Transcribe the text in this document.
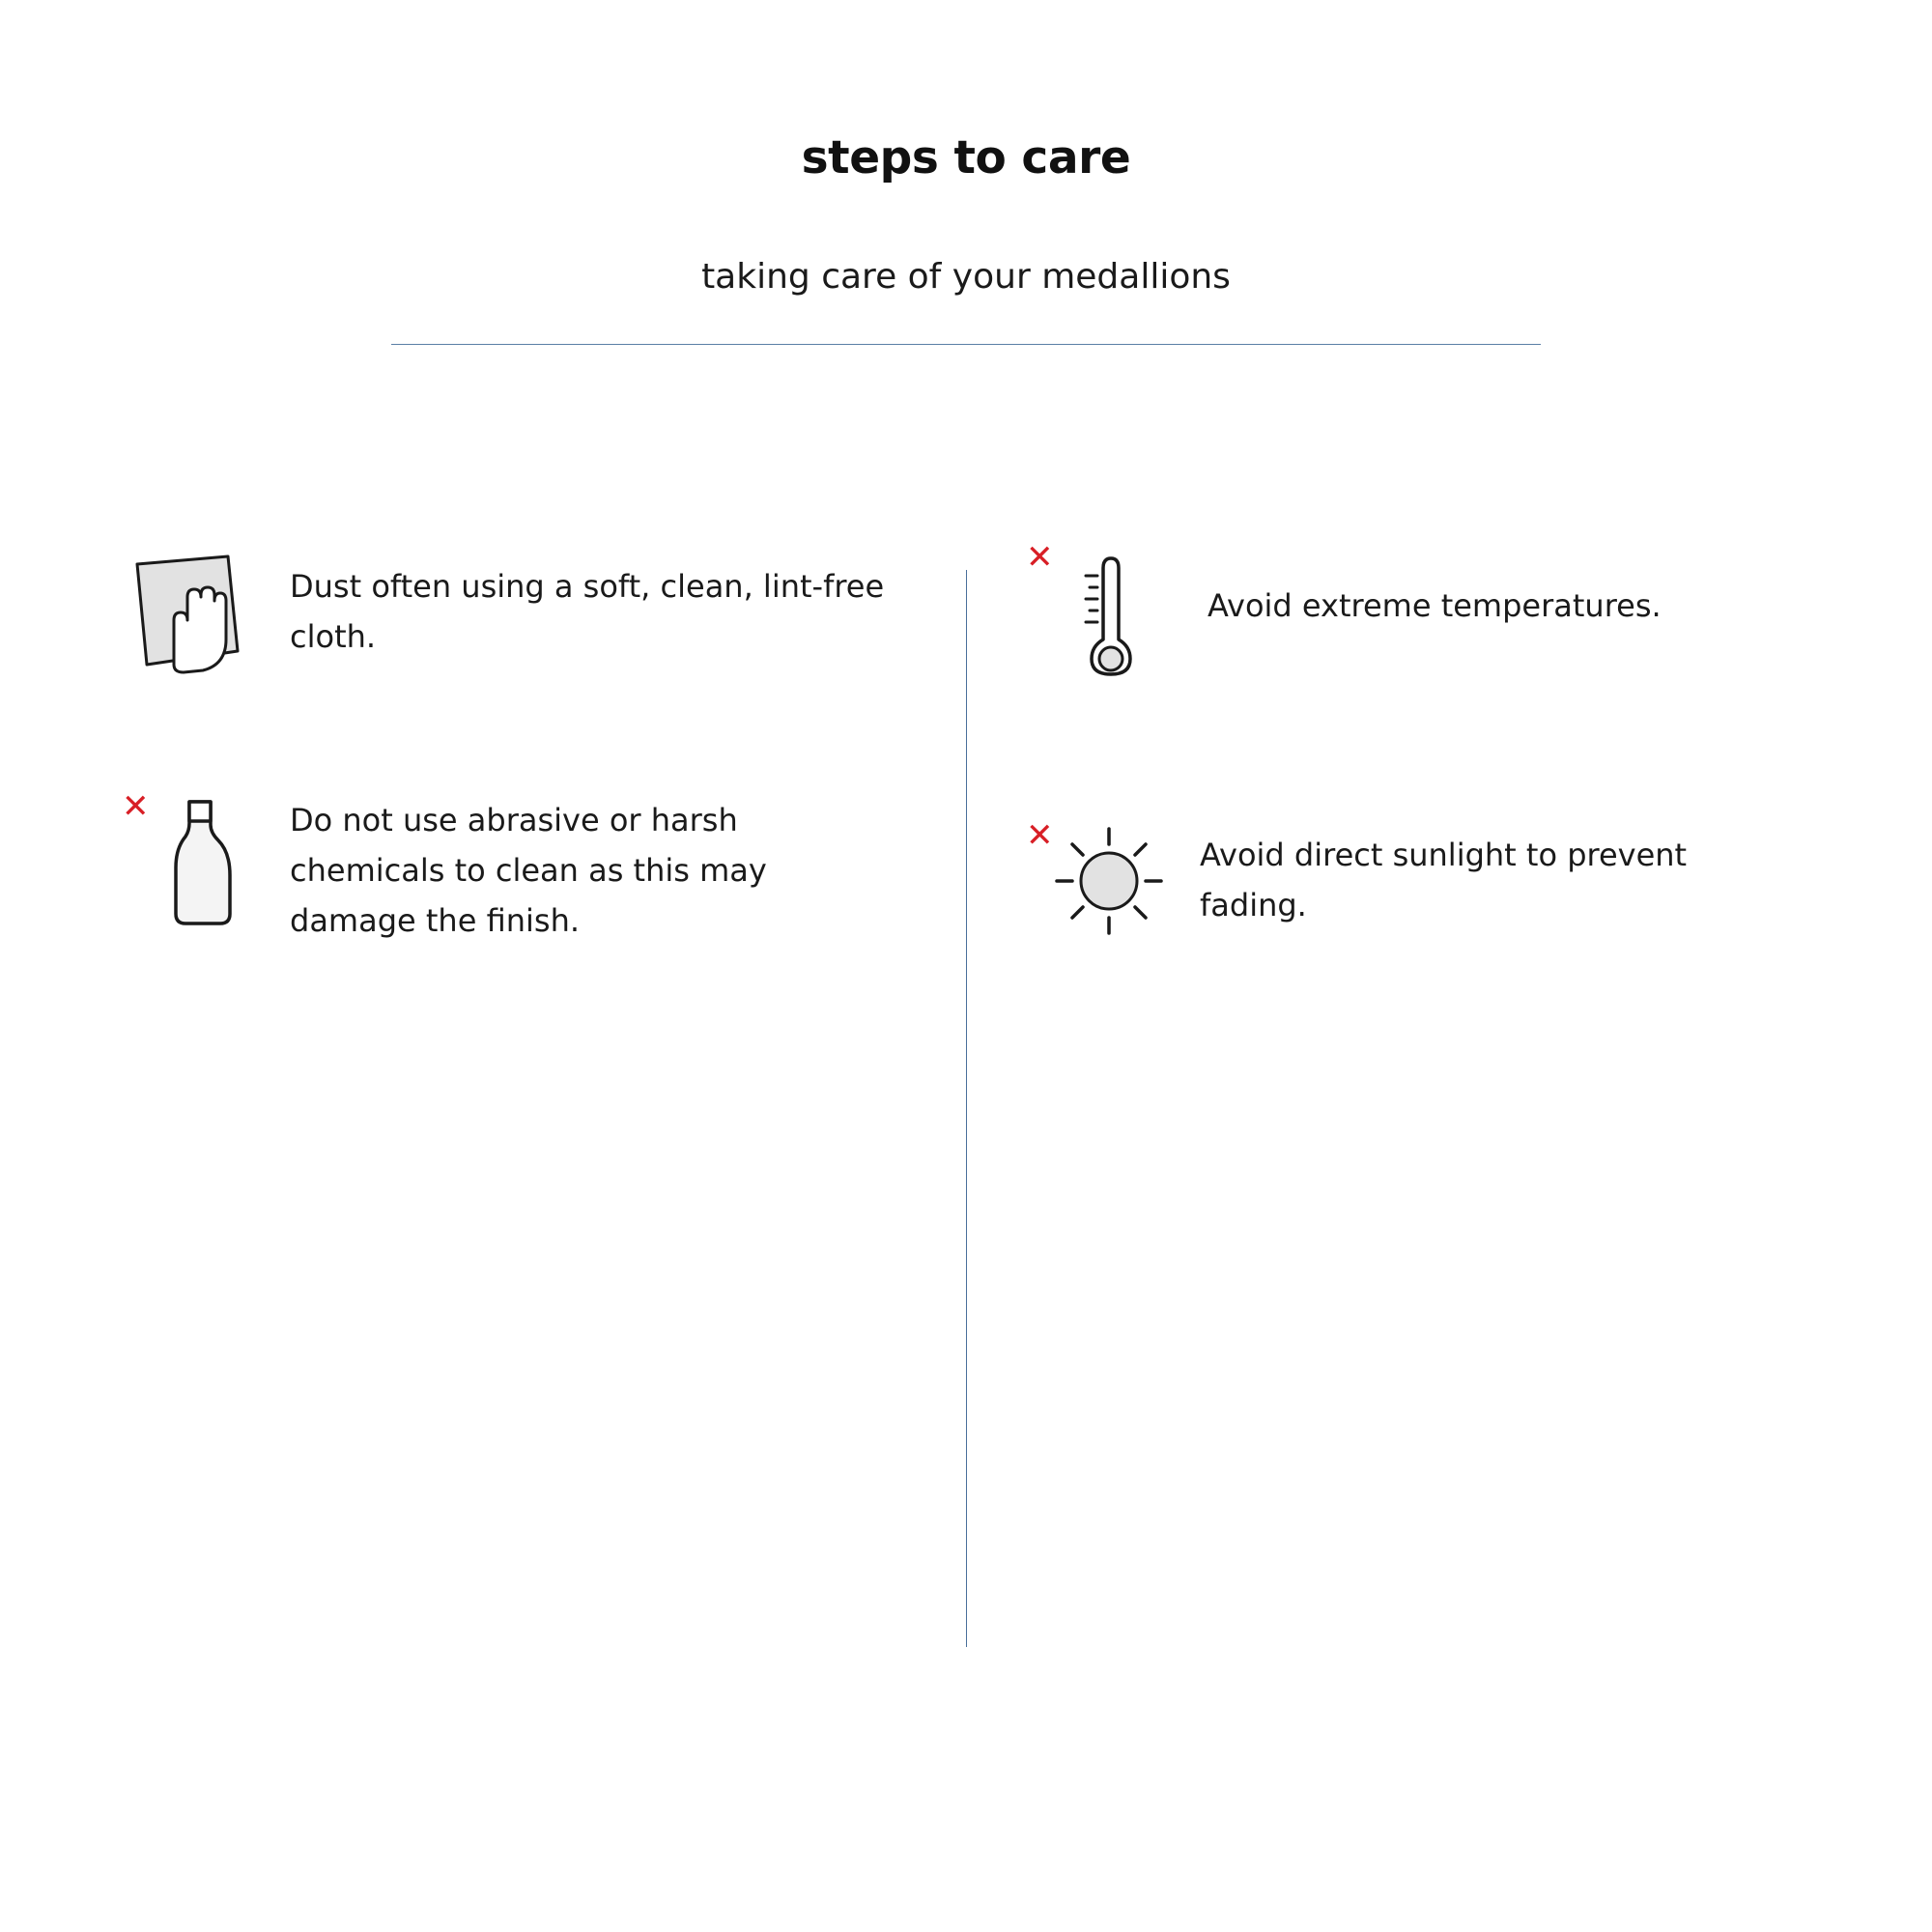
steps to care

taking care of your medallions

Dust often using a soft, clean, lint-free cloth.
✕	Do not use abrasive or harsh chemicals to clean as this may damage the finish.
✕
Avoid extreme temperatures.
✕	Avoid direct sunlight to prevent fading.
